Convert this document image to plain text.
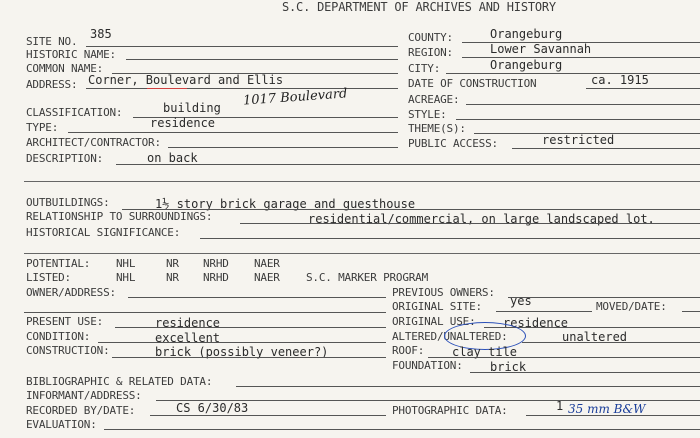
S.C. DEPARTMENT OF ARCHIVES AND HISTORY
SITE NO.
385
HISTORIC NAME:
COMMON NAME:
ADDRESS: Corner, Boulevard and Ellis
1017 Boulevard
CLASSIFICATION:	building
TYPE:	residence
ARCHITECT/CONTRACTOR:
DESCRIPTION:	on back
COUNTY:	Orangeburg
REGION:	Lower Savannah
CITY:	Orangeburg
DATE OF CONSTRUCTION	ca. 1915
ACREAGE:
STYLE:
THEME(S):
PUBLIC ACCESS:	restricted
OUTBUILDINGS:	1½ story brick garage and guesthouse
RELATIONSHIP TO SURROUNDINGS:	residential/commercial, on large landscaped lot.
HISTORICAL SIGNIFICANCE:
POTENTIAL: NHL	NR NRHD NAER
LISTED:	NHL	NR NRHD NAER S.C. MARKER PROGRAM
OWNER/ADDRESS:	PREVIOUS OWNERS:
ORIGINAL SITE: yes	MOVED/DATE:
ORIGINAL USE: residence
ALTERED/UNALTERED:	unaltered
ROOF: clay tile
FOUNDATION: brick
PRESENT USE:	residence
CONDITION:	excellent
CONSTRUCTION:	brick (possibly veneer?)
BIBLIOGRAPHIC & RELATED DATA:
INFORMANT/ADDRESS:
RECORDED BY/DATE:	CS 6/30/83	PHOTOGRAPHIC DATA:	1 35 mm B&W
EVALUATION:
